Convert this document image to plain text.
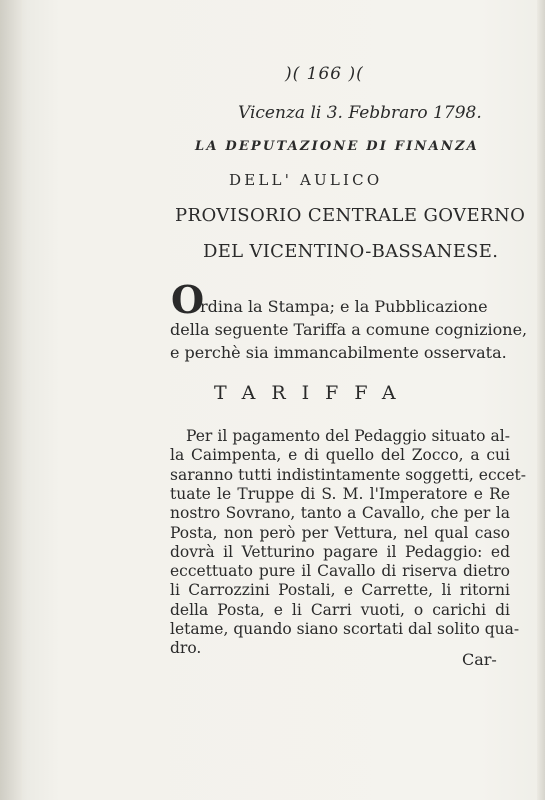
)( 166 )(

Vicenza li 3. Febbraro 1798.

LA DEPUTAZIONE DI FINANZA

DELL' AULICO

PROVISORIO CENTRALE GOVERNO

DEL VICENTINO-BASSANESE.

O

rdina la Stampa; e la Pubblicazione

della seguente Tariffa a comune cognizione,

e perchè sia immancabilmente osservata.

TARIFFA

Car-

Per il pagamento del Pedaggio situato al-

la Caimpenta, e di quello del Zocco, a cui

saranno tutti indistintamente soggetti, eccet-

tuate le Truppe di S. M. l'Imperatore e Re

nostro Sovrano, tanto a Cavallo, che per la

Posta, non però per Vettura, nel qual caso

dovrà il Vetturino pagare il Pedaggio: ed

eccettuato pure il Cavallo di riserva dietro

li Carrozzini Postali, e Carrette, li ritorni

della Posta, e li Carri vuoti, o carichi di

letame, quando siano scortati dal solito qua-

dro.
